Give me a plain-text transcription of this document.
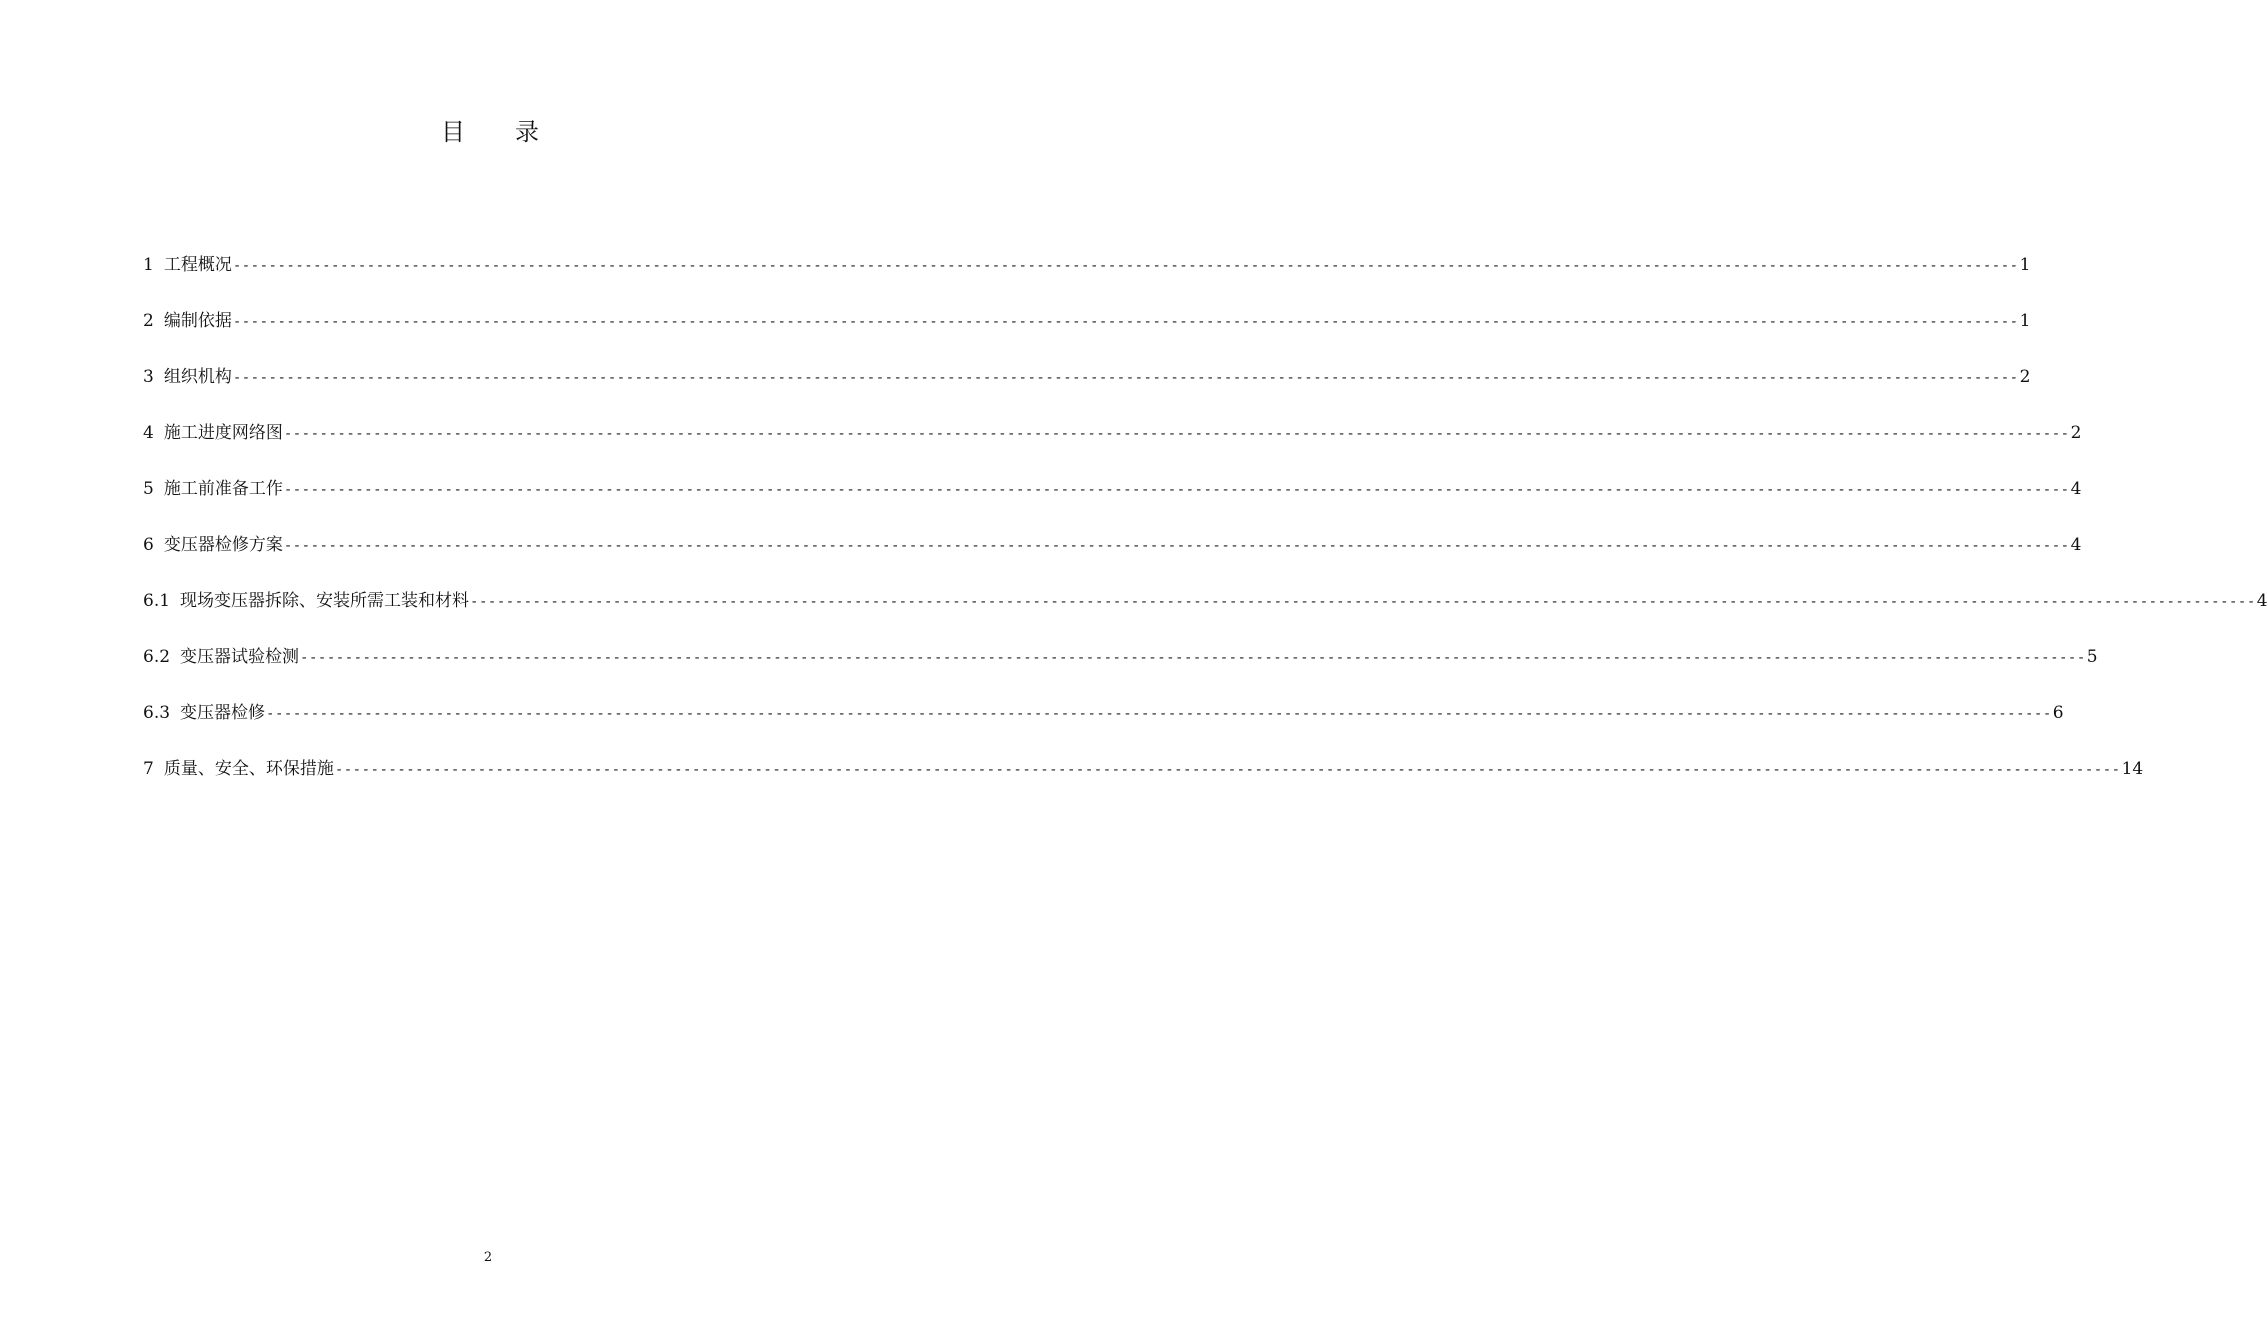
目 录
1 工程概况 -------------------------------------------------------------------------------------------------------------------------------------------------------------------------------------------------------- 1
2 编制依据 -------------------------------------------------------------------------------------------------------------------------------------------------------------------------------------------------------- 1
3 组织机构 -------------------------------------------------------------------------------------------------------------------------------------------------------------------------------------------------------- 2
4 施工进度网络图 -------------------------------------------------------------------------------------------------------------------------------------------------------------------------------------------------------- 2
5 施工前准备工作 -------------------------------------------------------------------------------------------------------------------------------------------------------------------------------------------------------- 4
6 变压器检修方案 -------------------------------------------------------------------------------------------------------------------------------------------------------------------------------------------------------- 4
6.1 现场变压器拆除、安装所需工装和材料 -------------------------------------------------------------------------------------------------------------------------------------------------------------------------------------------------------- 4
6.2 变压器试验检测 -------------------------------------------------------------------------------------------------------------------------------------------------------------------------------------------------------- 5
6.3 变压器检修 -------------------------------------------------------------------------------------------------------------------------------------------------------------------------------------------------------- 6
7 质量、安全、环保措施 -------------------------------------------------------------------------------------------------------------------------------------------------------------------------------------------------------- 14
2
